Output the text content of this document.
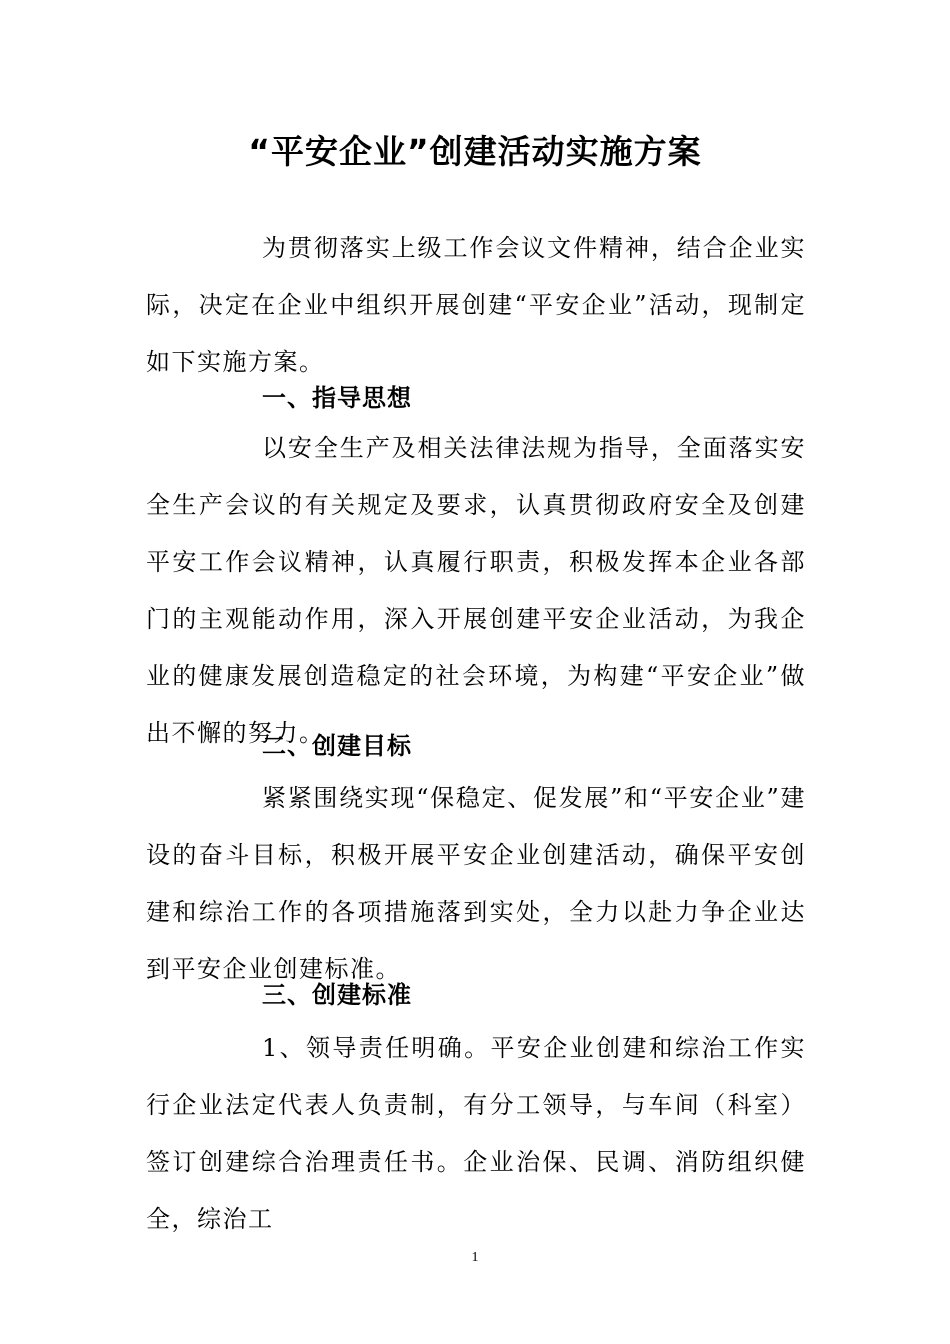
“平安企业”创建活动实施方案

为贯彻落实上级工作会议文件精神，结合企业实际，决定在企业中组织开展创建“平安企业”活动，现制定如下实施方案。

一、指导思想

以安全生产及相关法律法规为指导，全面落实安全生产会议的有关规定及要求，认真贯彻政府安全及创建平安工作会议精神，认真履行职责，积极发挥本企业各部门的主观能动作用，深入开展创建平安企业活动，为我企业的健康发展创造稳定的社会环境，为构建“平安企业”做出不懈的努力。

二、创建目标

紧紧围绕实现“保稳定、促发展”和“平安企业”建设的奋斗目标，积极开展平安企业创建活动，确保平安创建和综治工作的各项措施落到实处，全力以赴力争企业达到平安企业创建标准。

三、创建标准

1、领导责任明确。平安企业创建和综治工作实行企业法定代表人负责制，有分工领导，与车间（科室）签订创建综合治理责任书。企业治保、民调、消防组织健全，综治工

1
